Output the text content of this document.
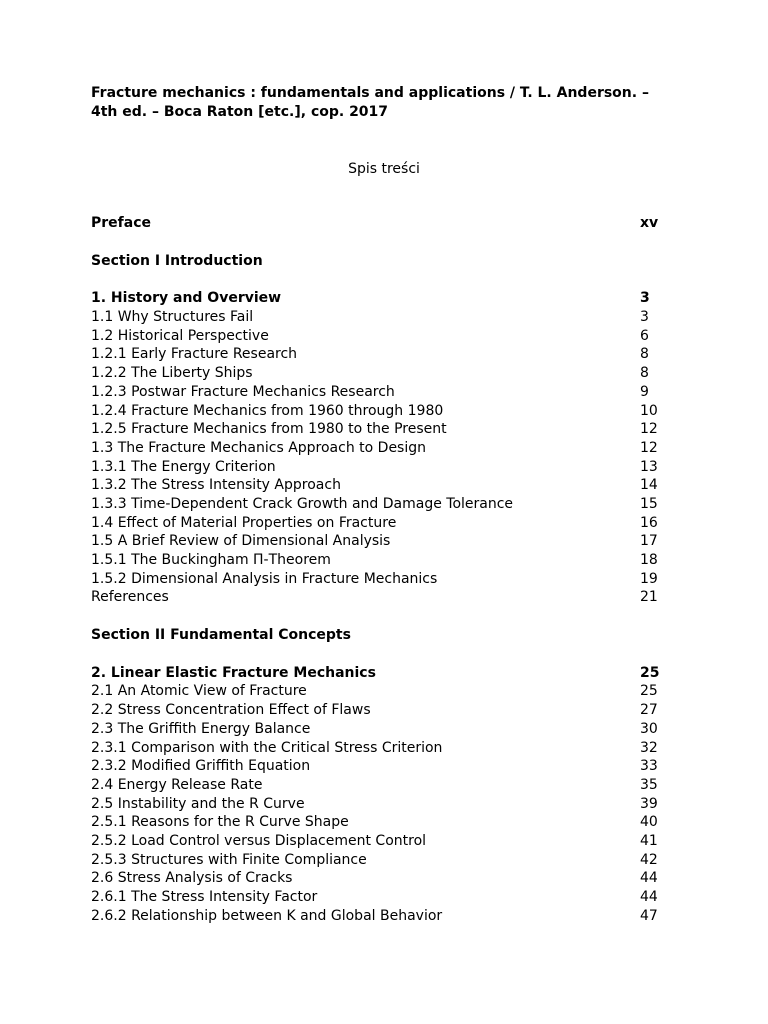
Fracture mechanics : fundamentals and applications / T. L. Anderson. –
4th ed. – Boca Raton [etc.], cop. 2017
Spis treści
Preface	xv
Section I Introduction
1. History and Overview	3
1.1 Why Structures Fail	3
1.2 Historical Perspective	6
1.2.1 Early Fracture Research	8
1.2.2 The Liberty Ships	8
1.2.3 Postwar Fracture Mechanics Research	9
1.2.4 Fracture Mechanics from 1960 through 1980	10
1.2.5 Fracture Mechanics from 1980 to the Present	12
1.3 The Fracture Mechanics Approach to Design	12
1.3.1 The Energy Criterion	13
1.3.2 The Stress Intensity Approach	14
1.3.3 Time-Dependent Crack Growth and Damage Tolerance	15
1.4 Effect of Material Properties on Fracture	16
1.5 A Brief Review of Dimensional Analysis	17
1.5.1 The Buckingham Π-Theorem	18
1.5.2 Dimensional Analysis in Fracture Mechanics	19
References	21
Section II Fundamental Concepts
2. Linear Elastic Fracture Mechanics	25
2.1 An Atomic View of Fracture	25
2.2 Stress Concentration Effect of Flaws	27
2.3 The Griffith Energy Balance	30
2.3.1 Comparison with the Critical Stress Criterion	32
2.3.2 Modified Griffith Equation	33
2.4 Energy Release Rate	35
2.5 Instability and the R Curve	39
2.5.1 Reasons for the R Curve Shape	40
2.5.2 Load Control versus Displacement Control	41
2.5.3 Structures with Finite Compliance	42
2.6 Stress Analysis of Cracks	44
2.6.1 The Stress Intensity Factor	44
2.6.2 Relationship between K and Global Behavior	47
